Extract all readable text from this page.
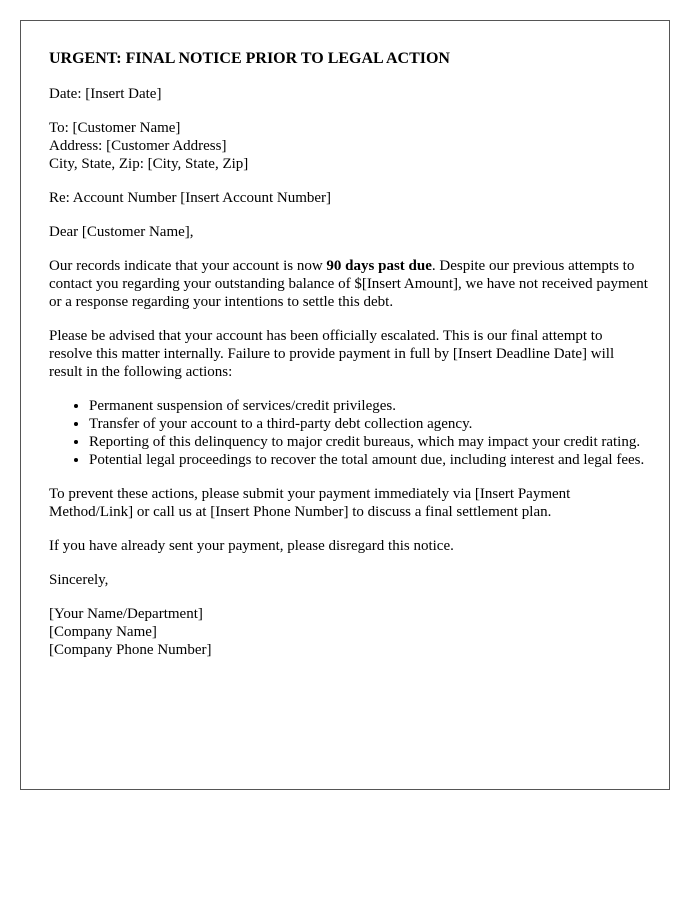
URGENT: FINAL NOTICE PRIOR TO LEGAL ACTION

Date: [Insert Date]

To: [Customer Name]
Address: [Customer Address]
City, State, Zip: [City, State, Zip]

Re: Account Number [Insert Account Number]

Dear [Customer Name],

Our records indicate that your account is now 90 days past due. Despite our previous attempts to contact you regarding your outstanding balance of $[Insert Amount], we have not received payment or a response regarding your intentions to settle this debt.

Please be advised that your account has been officially escalated. This is our final attempt to resolve this matter internally. Failure to provide payment in full by [Insert Deadline Date] will result in the following actions:

• Permanent suspension of services/credit privileges.
• Transfer of your account to a third-party debt collection agency.
• Reporting of this delinquency to major credit bureaus, which may impact your credit rating.
• Potential legal proceedings to recover the total amount due, including interest and legal fees.

To prevent these actions, please submit your payment immediately via [Insert Payment Method/Link] or call us at [Insert Phone Number] to discuss a final settlement plan.

If you have already sent your payment, please disregard this notice.

Sincerely,

[Your Name/Department]
[Company Name]
[Company Phone Number]
